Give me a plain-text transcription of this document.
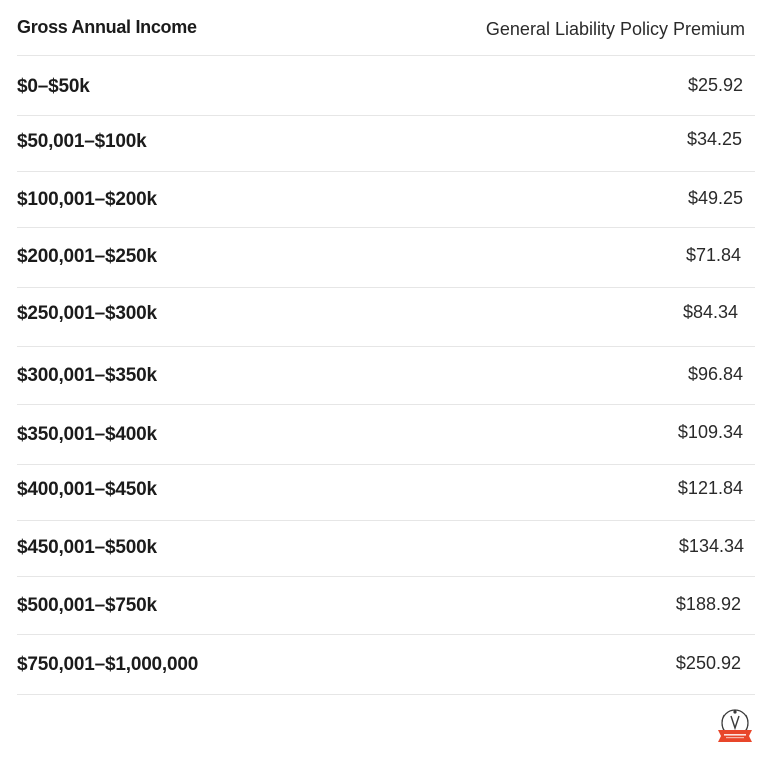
Gross Annual Income	General Liability Policy Premium
$0–$50k	$25.92
$50,001–$100k	$34.25
$100,001–$200k	$49.25
$200,001–$250k	$71.84
$250,001–$300k	$84.34
$300,001–$350k	$96.84
$350,001–$400k	$109.34
$400,001–$450k	$121.84
$450,001–$500k	$134.34
$500,001–$750k	$188.92
$750,001–$1,000,000	$250.92
